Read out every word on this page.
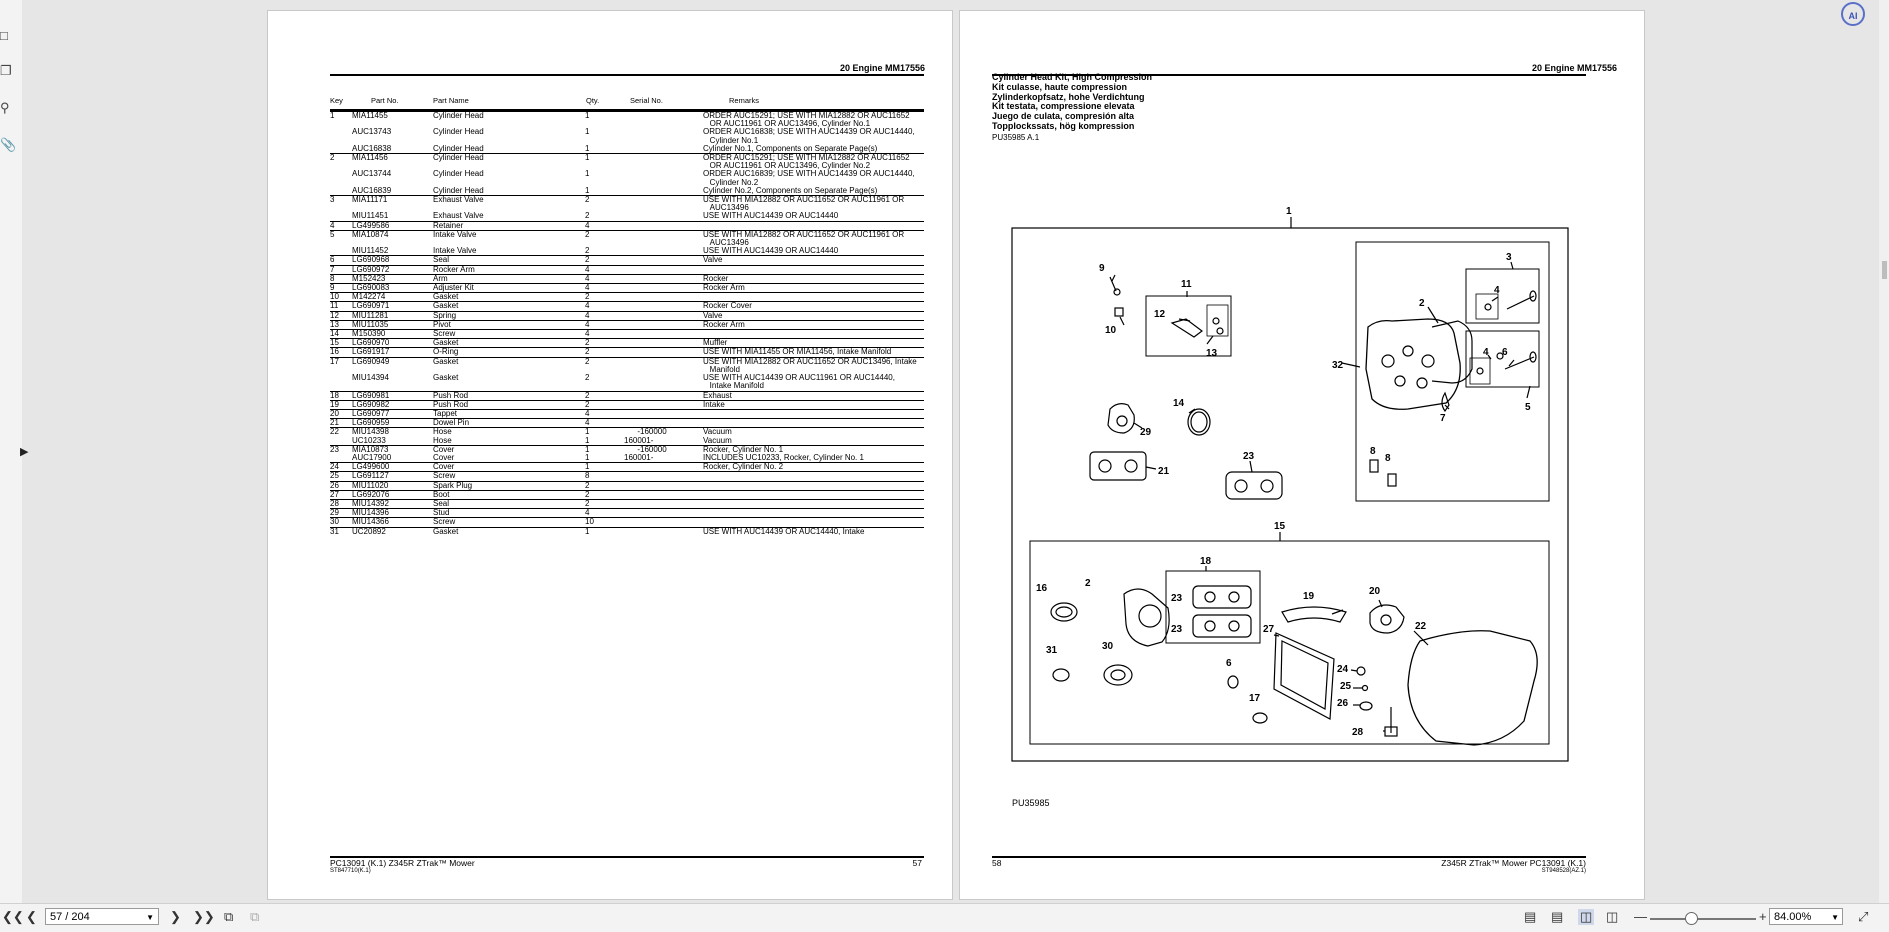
□
❐
⚲
📎
▶
20 Engine MM17556
Key	Part No.	Part Name	Qty.	Serial No.	Remarks
1	MIA11455	Cylinder Head	1	ORDER AUC15291; USE WITH MIA12882 OR AUC11652
OR AUC11961 OR AUC13496, Cylinder No.1
AUC13743	Cylinder Head	1	ORDER AUC16838; USE WITH AUC14439 OR AUC14440,
Cylinder No.1
AUC16838	Cylinder Head	1	Cylinder No.1, Components on Separate Page(s)
2	MIA11456	Cylinder Head	1	ORDER AUC15291; USE WITH MIA12882 OR AUC11652
OR AUC11961 OR AUC13496, Cylinder No.2
AUC13744	Cylinder Head	1	ORDER AUC16839; USE WITH AUC14439 OR AUC14440,
Cylinder No.2
AUC16839	Cylinder Head	1	Cylinder No.2, Components on Separate Page(s)
3	MIA11171	Exhaust Valve	2	USE WITH MIA12882 OR AUC11652 OR AUC11961 OR
AUC13496
MIU11451	Exhaust Valve	2	USE WITH AUC14439 OR AUC14440
4	LG499586	Retainer	4
5	MIA10874	Intake Valve	2	USE WITH MIA12882 OR AUC11652 OR AUC11961 OR
AUC13496
MIU11452	Intake Valve	2	USE WITH AUC14439 OR AUC14440
6	LG690968	Seal	2	Valve
7	LG690972	Rocker Arm	4
8	M152423	Arm	4	Rocker
9	LG690083	Adjuster Kit	4	Rocker Arm
10	M142274	Gasket	2
11	LG690971	Gasket	4	Rocker Cover
12	MIU11281	Spring	4	Valve
13	MIU11035	Pivot	4	Rocker Arm
14	M150390	Screw	4
15	LG690970	Gasket	2	Muffler
16	LG691917	O-Ring	2	USE WITH MIA11455 OR MIA11456, Intake Manifold
17	LG690949	Gasket	2	USE WITH MIA12882 OR AUC11652 OR AUC13496, Intake
Manifold
MIU14394	Gasket	2	USE WITH AUC14439 OR AUC11961 OR AUC14440,
Intake Manifold
18	LG690981	Push Rod	2	Exhaust
19	LG690982	Push Rod	2	Intake
20	LG690977	Tappet	4
21	LG690959	Dowel Pin	4
22	MIU14398	Hose	1	-160000	Vacuum
UC10233	Hose	1	160001-	Vacuum
23	MIA10873	Cover	1	-160000	Rocker, Cylinder No. 1
AUC17900	Cover	1	160001-	INCLUDES UC10233, Rocker, Cylinder No. 1
24	LG499600	Cover	1	Rocker, Cylinder No. 2
25	LG691127	Screw	8
26	MIU11020	Spark Plug	2
27	LG692076	Boot	2
28	MIU14392	Seal	2
29	MIU14396	Stud	4
30	MIU14366	Screw	10
31	UC20892	Gasket	1	USE WITH AUC14439 OR AUC14440, Intake
PC13091 (K.1) Z345R ZTrak™ Mower	57
ST847710(K.1)
20 Engine MM17556
Cylinder Head Kit, High Compression
Kit culasse, haute compression
Zylinderkopfsatz, hohe Verdichtung
Kit testata, compressione elevata
Juego de culata, compresión alta
Topplockssats, hög kompression
PU35985 A.1
1
32
2
3
4
4 6
7
5
8
8
9
10
11
12
13
14
29
21
23
15
18
23
23
16	2
31	30
19	20
22
27
6
17
24
25
26
28
PU35985
58	Z345R ZTrak™ Mower PC13091 (K.1)
ST948528(AZ.1)
AI
❮❮ ❮	57 / 204	▼ ❯ ❯❯ ⧉ ⧉	▤ ▤ ◫ ◫ —	+ 84.00% ▼ ⤢
